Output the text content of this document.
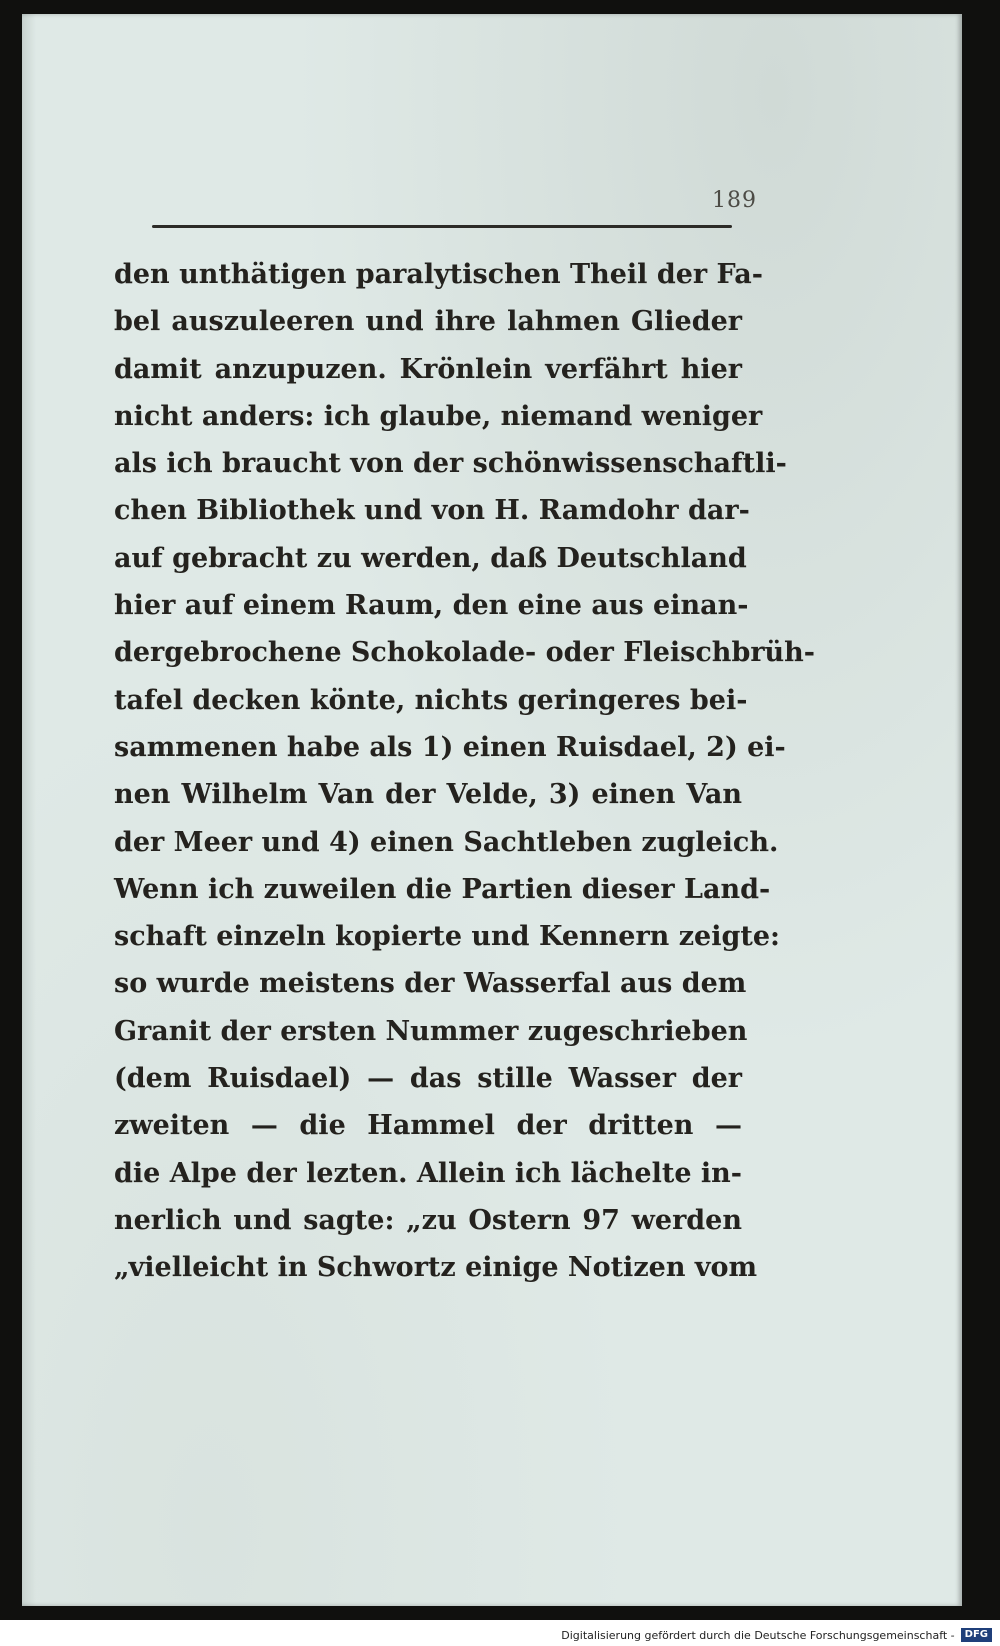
189
den unthätigen paralytischen Theil der Fa-
bel auszuleeren und ihre lahmen Glieder
damit anzupuzen. Krönlein verfährt hier
nicht anders: ich glaube, niemand weniger
als ich braucht von der schönwissenschaftli-
chen Bibliothek und von H. Ramdohr dar-
auf gebracht zu werden, daß Deutschland
hier auf einem Raum, den eine aus einan-
dergebrochene Schokolade- oder Fleischbrüh-
tafel decken könte, nichts geringeres bei-
sammenen habe als 1) einen Ruisdael, 2) ei-
nen Wilhelm Van der Velde, 3) einen Van
der Meer und 4) einen Sachtleben zugleich.
Wenn ich zuweilen die Partien dieser Land-
schaft einzeln kopierte und Kennern zeigte:
so wurde meistens der Wasserfal aus dem
Granit der ersten Nummer zugeschrieben
(dem Ruisdael) — das stille Wasser der
zweiten — die Hammel der dritten —
die Alpe der lezten. Allein ich lächelte in-
nerlich und sagte: „zu Ostern 97 werden
„vielleicht in Schwortz einige Notizen vom
Digitalisierung gefördert durch die Deutsche Forschungsgemeinschaft -	DFG
